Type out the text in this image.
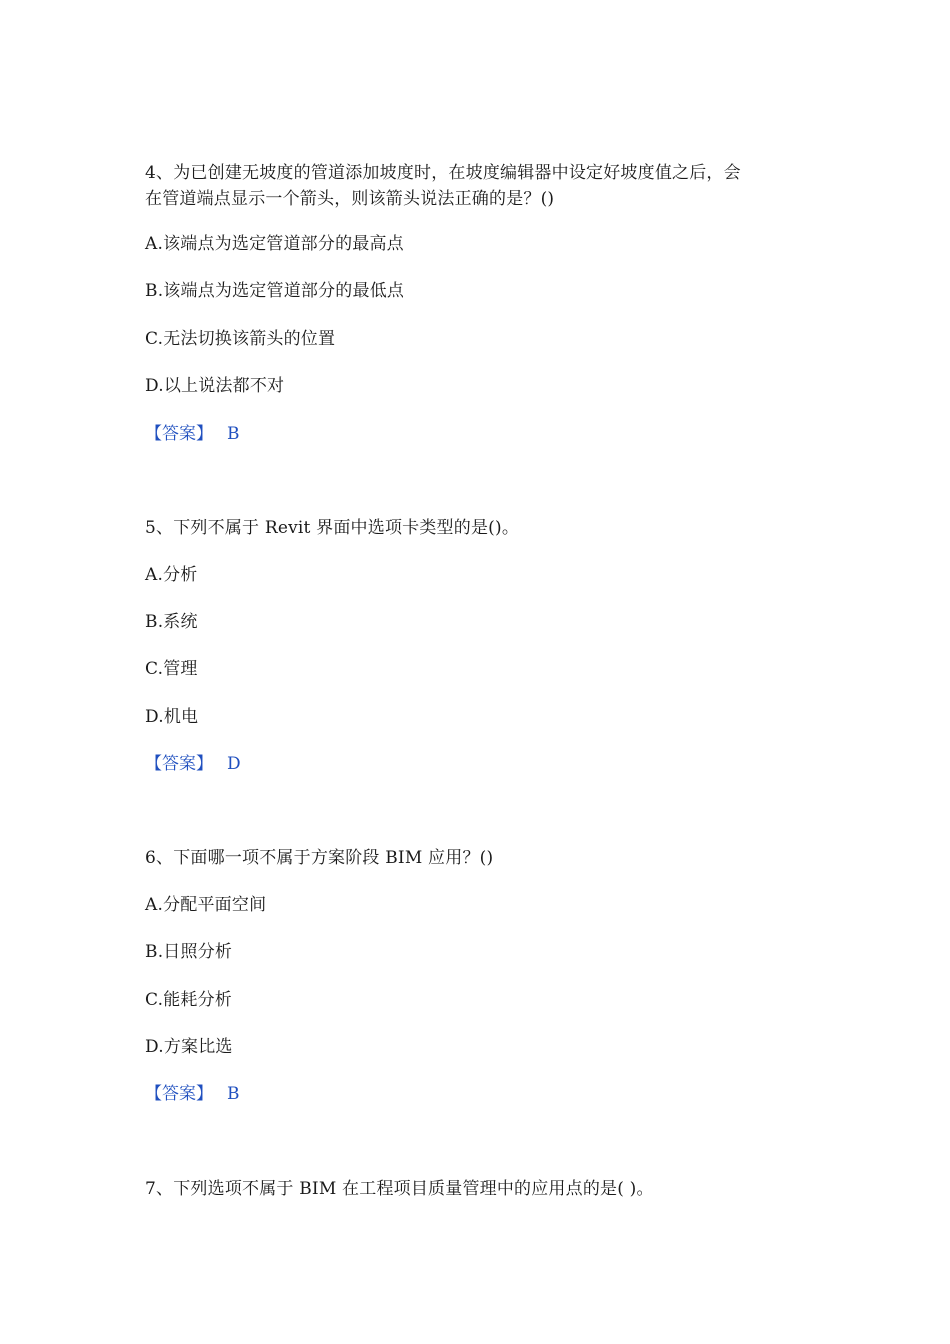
4、为已创建无坡度的管道添加坡度时，在坡度编辑器中设定好坡度值之后，会
在管道端点显示一个箭头，则该箭头说法正确的是？()
A.该端点为选定管道部分的最高点
B.该端点为选定管道部分的最低点
C.无法切换该箭头的位置
D.以上说法都不对
【答案】 B
5、下列不属于 Revit 界面中选项卡类型的是()。
A.分析
B.系统
C.管理
D.机电
【答案】 D
6、下面哪一项不属于方案阶段 BIM 应用？()
A.分配平面空间
B.日照分析
C.能耗分析
D.方案比选
【答案】 B
7、下列选项不属于 BIM 在工程项目质量管理中的应用点的是( )。
